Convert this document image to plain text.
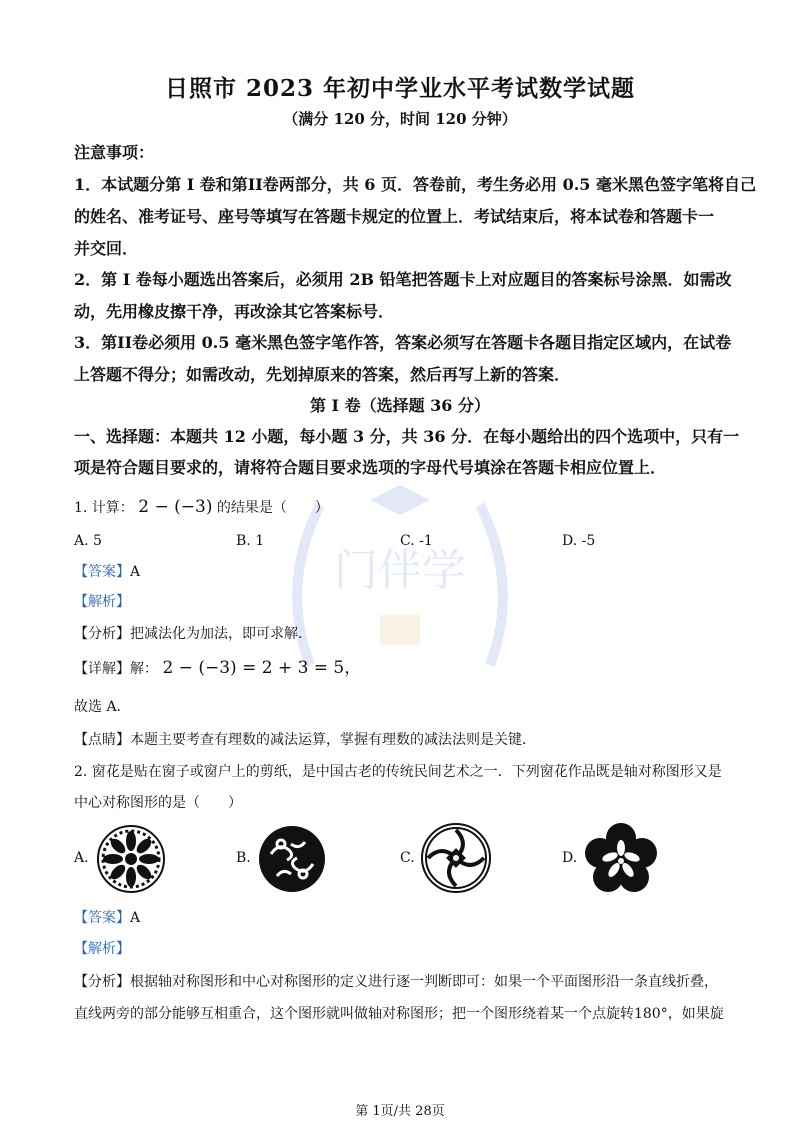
门伴学
日照市 2023 年初中学业水平考试数学试题
（满分 120 分，时间 120 分钟）
注意事项：
1．本试题分第 I 卷和第II卷两部分，共 6 页．答卷前，考生务必用 0.5 毫米黑色签字笔将自己
的姓名、准考证号、座号等填写在答题卡规定的位置上．考试结束后，将本试卷和答题卡一
并交回．
2．第 I 卷每小题选出答案后，必须用 2B 铅笔把答题卡上对应题目的答案标号涂黑．如需改
动，先用橡皮擦干净，再改涂其它答案标号．
3．第II卷必须用 0.5 毫米黑色签字笔作答，答案必须写在答题卡各题目指定区域内，在试卷
上答题不得分；如需改动，先划掉原来的答案，然后再写上新的答案．
第 I 卷（选择题 36 分）
一、选择题：本题共 12 小题，每小题 3 分，共 36 分．在每小题给出的四个选项中，只有一
项是符合题目要求的，请将符合题目要求选项的字母代号填涂在答题卡相应位置上．
1. 计算： 2 − (−3) 的结果是（　　）
A. 5	B. 1	C. -1	D. -5
【答案】A
【解析】
【分析】把减法化为加法，即可求解．
【详解】解： 2 − (−3) = 2 + 3 = 5，
故选 A．
【点睛】本题主要考查有理数的减法运算，掌握有理数的减法法则是关键．
2. 窗花是贴在窗子或窗户上的剪纸，是中国古老的传统民间艺术之一．下列窗花作品既是轴对称图形又是
中心对称图形的是（　　）
A.	B.	C.	D.
【答案】A
【解析】
【分析】根据轴对称图形和中心对称图形的定义进行逐一判断即可：如果一个平面图形沿一条直线折叠，
直线两旁的部分能够互相重合，这个图形就叫做轴对称图形；把一个图形绕着某一个点旋转180°，如果旋
第 1页/共 28页
